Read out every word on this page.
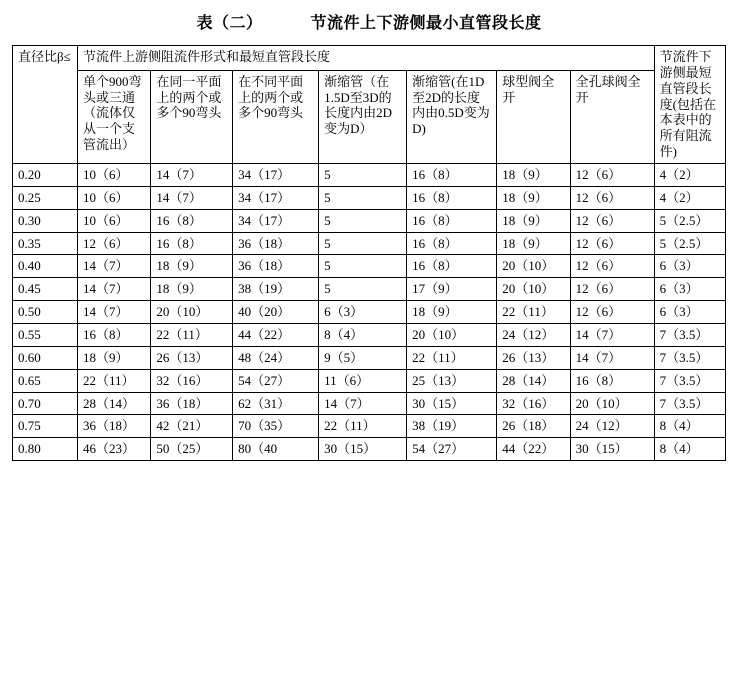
表（二）	节流件上下游侧最小直管段长度
直径比β≤	节流件上游侧阻流件形式和最短直管段长度							节流件下游侧最短直管段长度(包括在本表中的所有阻流件)
	单个900弯头或三通（流体仅从一个支管流出）	在同一平面上的两个或多个90弯头	在不同平面上的两个或多个90弯头	渐缩管（在1.5D至3D的长度内由2D变为D）	渐缩管(在1D至2D的长度内由0.5D变为D)	球型阀全开	全孔球阀全开	
0.20	10（6）	14（7）	34（17）	5	16（8）	18（9）	12（6）	4（2）
0.25	10（6）	14（7）	34（17）	5	16（8）	18（9）	12（6）	4（2）
0.30	10（6）	16（8）	34（17）	5	16（8）	18（9）	12（6）	5（2.5）
0.35	12（6）	16（8）	36（18）	5	16（8）	18（9）	12（6）	5（2.5）
0.40	14（7）	18（9）	36（18）	5	16（8）	20（10）	12（6）	6（3）
0.45	14（7）	18（9）	38（19）	5	17（9）	20（10）	12（6）	6（3）
0.50	14（7）	20（10）	40（20）	6（3）	18（9）	22（11）	12（6）	6（3）
0.55	16（8）	22（11）	44（22）	8（4）	20（10）	24（12）	14（7）	7（3.5）
0.60	18（9）	26（13）	48（24）	9（5）	22（11）	26（13）	14（7）	7（3.5）
0.65	22（11）	32（16）	54（27）	11（6）	25（13）	28（14）	16（8）	7（3.5）
0.70	28（14）	36（18）	62（31）	14（7）	30（15）	32（16）	20（10）	7（3.5）
0.75	36（18）	42（21）	70（35）	22（11）	38（19）	26（18）	24（12）	8（4）
0.80	46（23）	50（25）	80（40	30（15）	54（27）	44（22）	30（15）	8（4）
